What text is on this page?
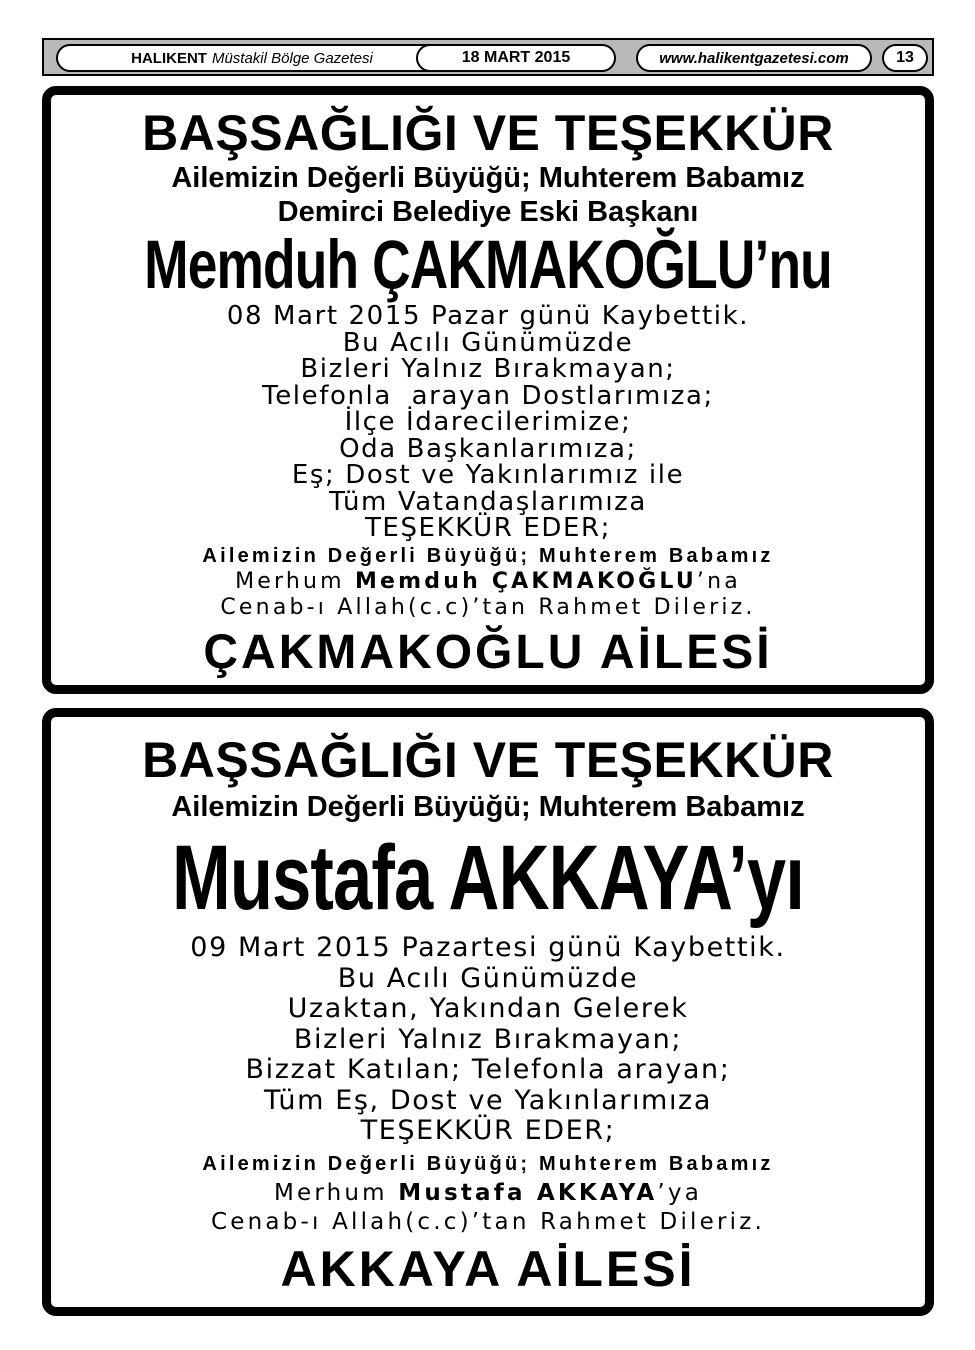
HALIKENT Müstakil Bölge Gazetesi	18 MART 2015	www.halikentgazetesi.com	13
BAŞSAĞLIĞI VE TEŞEKKÜR
Ailemizin Değerli Büyüğü; Muhterem Babamız
Demirci Belediye Eski Başkanı
Memduh ÇAKMAKOĞLU’nu
08 Mart 2015 Pazar günü Kaybettik.
Bu Acılı Günümüzde
Bizleri Yalnız Bırakmayan;
Telefonla  arayan Dostlarımıza;
İlçe İdarecilerimize;
Oda Başkanlarımıza;
Eş; Dost ve Yakınlarımız ile
Tüm Vatandaşlarımıza
TEŞEKKÜR EDER;
Ailemizin Değerli Büyüğü; Muhterem Babamız
Merhum Memduh ÇAKMAKOĞLU’na
Cenab-ı Allah(c.c)’tan Rahmet Dileriz.
ÇAKMAKOĞLU AİLESİ
BAŞSAĞLIĞI VE TEŞEKKÜR
Ailemizin Değerli Büyüğü; Muhterem Babamız
Mustafa AKKAYA’yı
09 Mart 2015 Pazartesi günü Kaybettik.
Bu Acılı Günümüzde
Uzaktan, Yakından Gelerek
Bizleri Yalnız Bırakmayan;
Bizzat Katılan; Telefonla arayan;
Tüm Eş, Dost ve Yakınlarımıza
TEŞEKKÜR EDER;
Ailemizin Değerli Büyüğü; Muhterem Babamız
Merhum Mustafa AKKAYA’ya
Cenab-ı Allah(c.c)’tan Rahmet Dileriz.
AKKAYA AİLESİ
